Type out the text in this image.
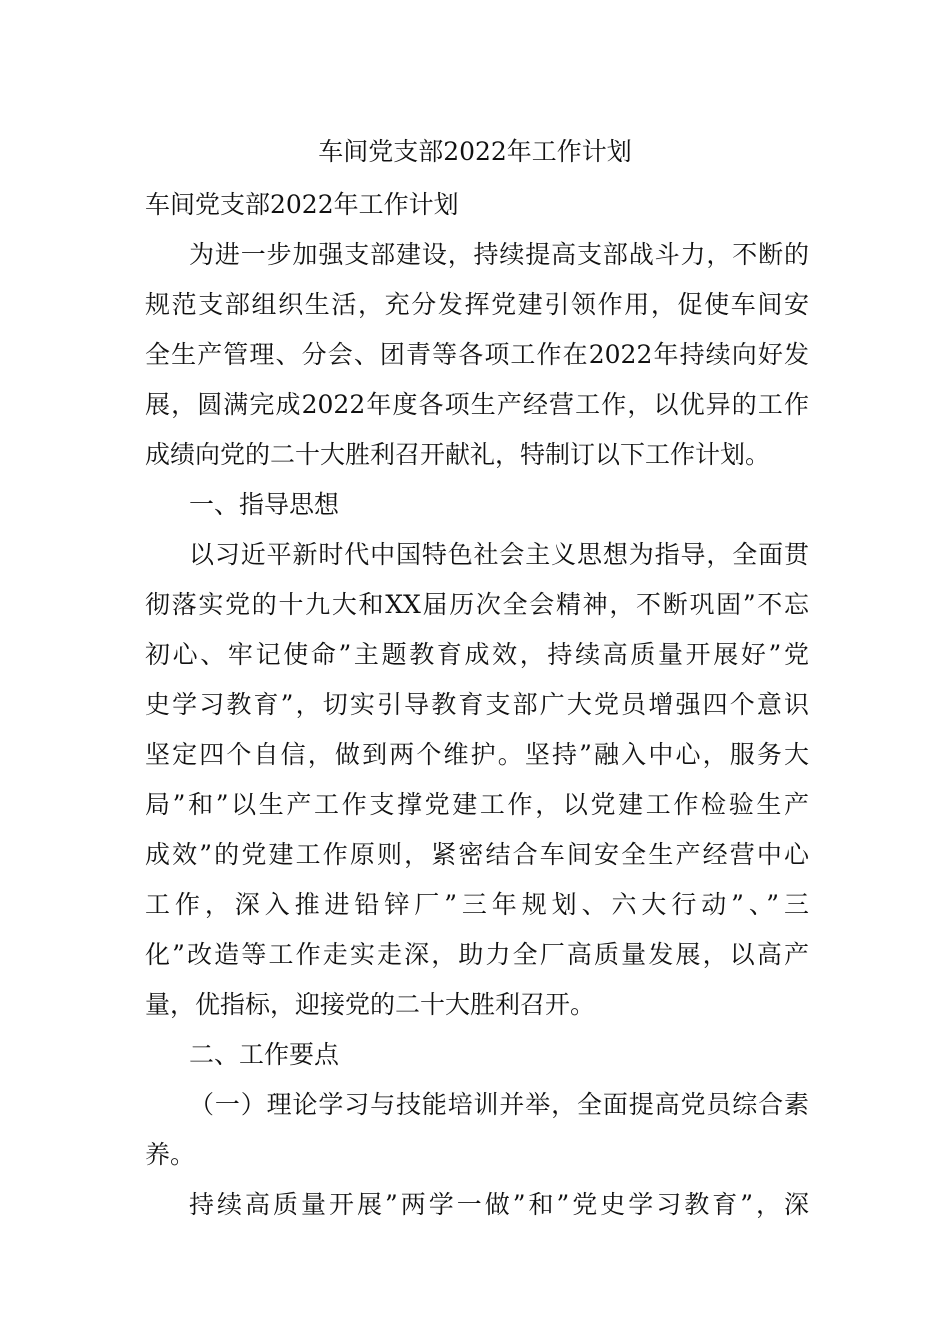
车间党支部2022年工作计划
车间党支部2022年工作计划
为进一步加强支部建设，持续提高支部战斗力，不断的
规范支部组织生活，充分发挥党建引领作用，促使车间安
全生产管理、分会、团青等各项工作在2022年持续向好发
展，圆满完成2022年度各项生产经营工作，以优异的工作
成绩向党的二十大胜利召开献礼，特制订以下工作计划。
一、指导思想
以习近平新时代中国特色社会主义思想为指导，全面贯
彻落实党的十九大和XX届历次全会精神，不断巩固”不忘
初心、牢记使命”主题教育成效，持续高质量开展好”党
史学习教育”，切实引导教育支部广大党员增强四个意识
坚定四个自信，做到两个维护。坚持”融入中心，服务大
局”和”以生产工作支撑党建工作，以党建工作检验生产
成效”的党建工作原则，紧密结合车间安全生产经营中心
工作，深入推进铅锌厂”三年规划、六大行动”、”三
化”改造等工作走实走深，助力全厂高质量发展，以高产
量，优指标，迎接党的二十大胜利召开。
二、工作要点
（一）理论学习与技能培训并举，全面提高党员综合素
养。
持续高质量开展”两学一做”和”党史学习教育”，深
